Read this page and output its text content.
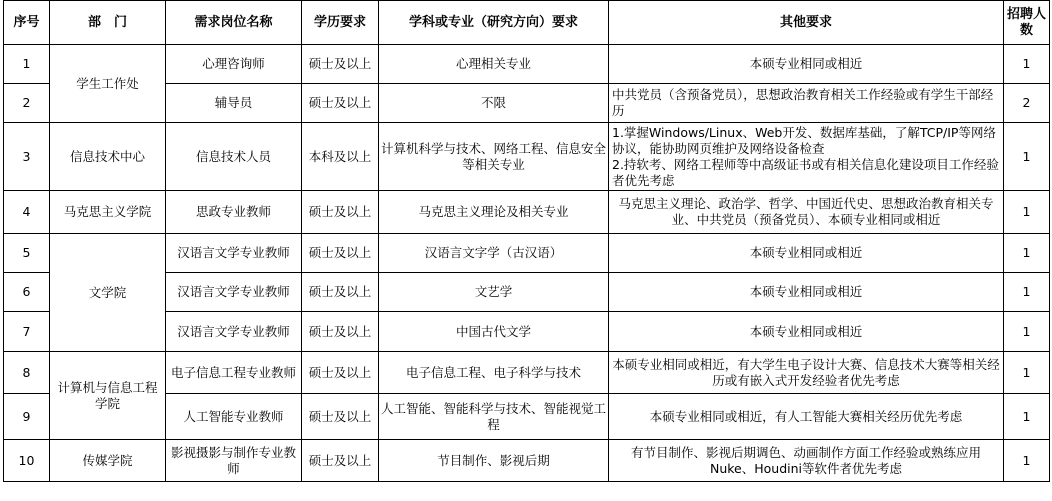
序号	部　门	需求岗位名称	学历要求	学科或专业（研究方向）要求	其他要求	招聘人数
1	学生工作处	心理咨询师	硕士及以上	心理相关专业	本硕专业相同或相近	1
2		辅导员	硕士及以上	不限	中共党员（含预备党员），思想政治教育相关工作经验或有学生干部经历	2
3	信息技术中心	信息技术人员	本科及以上	计算机科学与技术、网络工程、信息安全等相关专业	1.掌握Windows/Linux、Web开发、数据库基础，了解TCP/IP等网络协议，能协助网页维护及网络设备检查
2.持软考、网络工程师等中高级证书或有相关信息化建设项目工作经验者优先考虑	1
4	马克思主义学院	思政专业教师	硕士及以上	马克思主义理论及相关专业	马克思主义理论、政治学、哲学、中国近代史、思想政治教育相关专业、中共党员（预备党员）、本硕专业相同或相近	1
5	文学院	汉语言文学专业教师	硕士及以上	汉语言文字学（古汉语）	本硕专业相同或相近	1
6		汉语言文学专业教师	硕士及以上	文艺学	本硕专业相同或相近	1
7		汉语言文学专业教师	硕士及以上	中国古代文学	本硕专业相同或相近	1
8	计算机与信息工程学院	电子信息工程专业教师	硕士及以上	电子信息工程、电子科学与技术	本硕专业相同或相近，有大学生电子设计大赛、信息技术大赛等相关经历或有嵌入式开发经验者优先考虑	1
9		人工智能专业教师	硕士及以上	人工智能、智能科学与技术、智能视觉工程	本硕专业相同或相近，有人工智能大赛相关经历优先考虑	1
10	传媒学院	影视摄影与制作专业教师	硕士及以上	节目制作、影视后期	有节目制作、影视后期调色、动画制作方面工作经验或熟练应用Nuke、Houdini等软件者优先考虑	1
